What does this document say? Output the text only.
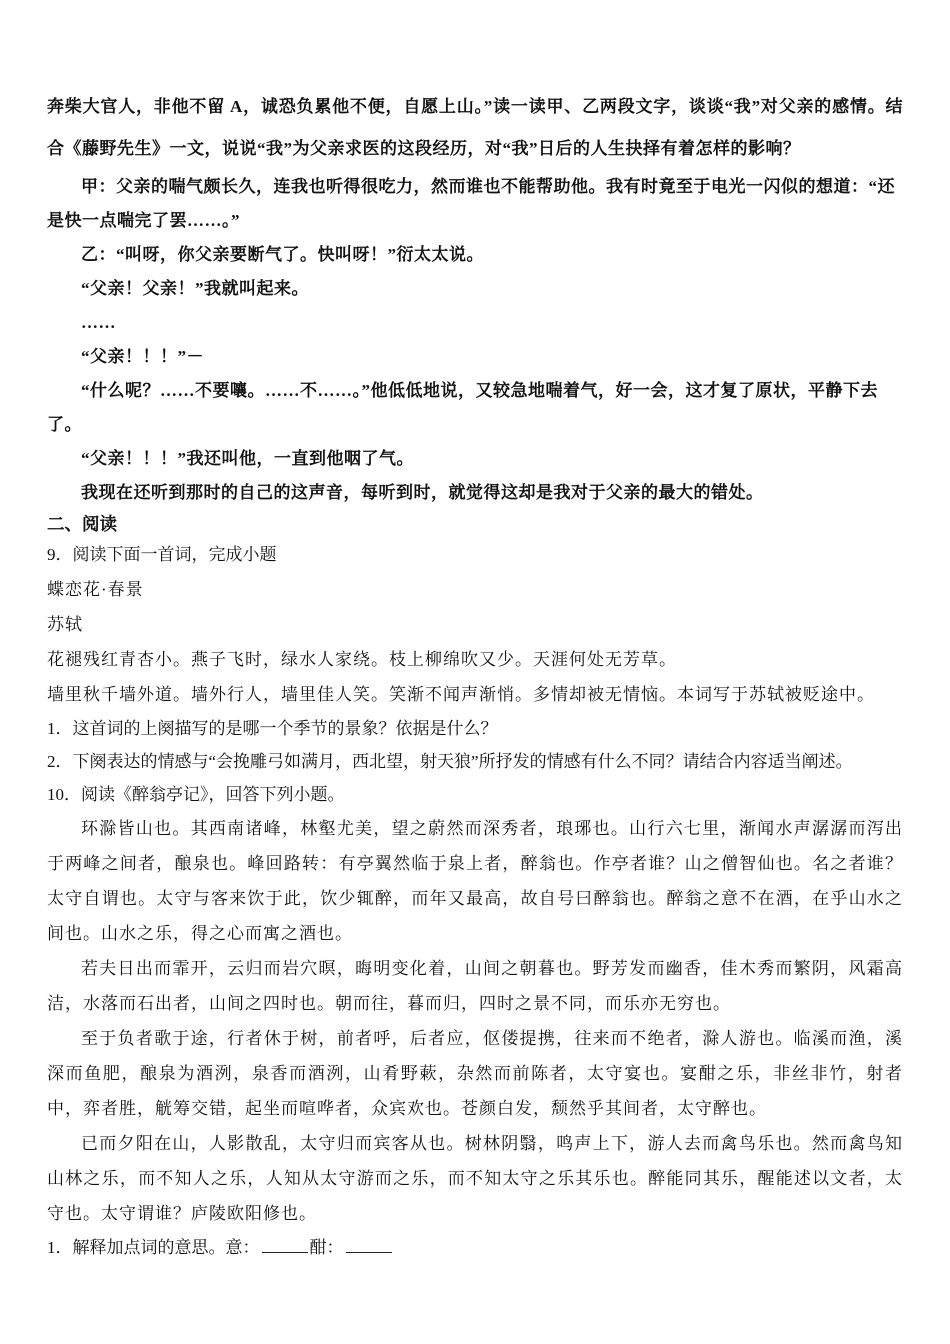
奔柴大官人，非他不留 A，诚恐负累他不便，自愿上山。”读一读甲、乙两段文字，谈谈“我”对父亲的感情。结合《藤野先生》一文，说说“我”为父亲求医的这段经历，对“我”日后的人生抉择有着怎样的影响？

甲：父亲的喘气颇长久，连我也听得很吃力，然而谁也不能帮助他。我有时竟至于电光一闪似的想道：“还是快一点喘完了罢……。”

乙：“叫呀，你父亲要断气了。快叫呀！”衍太太说。

“父亲！父亲！”我就叫起来。

……

“父亲！！！”－

“什么呢？……不要嚷。……不……。”他低低地说，又较急地喘着气，好一会，这才复了原状，平静下去了。

“父亲！！！”我还叫他，一直到他咽了气。

我现在还听到那时的自己的这声音，每听到时，就觉得这却是我对于父亲的最大的错处。

二、阅读

9．阅读下面一首词，完成小题

蝶恋花·春景

苏轼

花褪残红青杏小。燕子飞时，绿水人家绕。枝上柳绵吹又少。天涯何处无芳草。

墙里秋千墙外道。墙外行人，墙里佳人笑。笑渐不闻声渐悄。多情却被无情恼。本词写于苏轼被贬途中。

1．这首词的上阕描写的是哪一个季节的景象？依据是什么？

2．下阕表达的情感与“会挽雕弓如满月，西北望，射天狼”所抒发的情感有什么不同？请结合内容适当阐述。

10．阅读《醉翁亭记》，回答下列小题。

环滁皆山也。其西南诸峰，林壑尤美，望之蔚然而深秀者，琅琊也。山行六七里，渐闻水声潺潺而泻出于两峰之间者，酿泉也。峰回路转：有亭翼然临于泉上者，醉翁也。作亭者谁？山之僧智仙也。名之者谁？太守自谓也。太守与客来饮于此，饮少辄醉，而年又最高，故自号曰醉翁也。醉翁之意不在酒，在乎山水之间也。山水之乐，得之心而寓之酒也。

若夫日出而霏开，云归而岩穴暝，晦明变化着，山间之朝暮也。野芳发而幽香，佳木秀而繁阴，风霜高洁，水落而石出者，山间之四时也。朝而往，暮而归，四时之景不同，而乐亦无穷也。

至于负者歌于途，行者休于树，前者呼，后者应，伛偻提携，往来而不绝者，滁人游也。临溪而渔，溪深而鱼肥，酿泉为酒洌，泉香而酒洌，山肴野蔌，杂然而前陈者，太守宴也。宴酣之乐，非丝非竹，射者中，弈者胜，觥筹交错，起坐而喧哗者，众宾欢也。苍颜白发，颓然乎其间者，太守醉也。

已而夕阳在山，人影散乱，太守归而宾客从也。树林阴翳，鸣声上下，游人去而禽鸟乐也。然而禽鸟知山林之乐，而不知人之乐，人知从太守游而之乐，而不知太守之乐其乐也。醉能同其乐，醒能述以文者，太守也。太守谓谁？庐陵欧阳修也。

1．解释加点词的意思。意：	酣：
